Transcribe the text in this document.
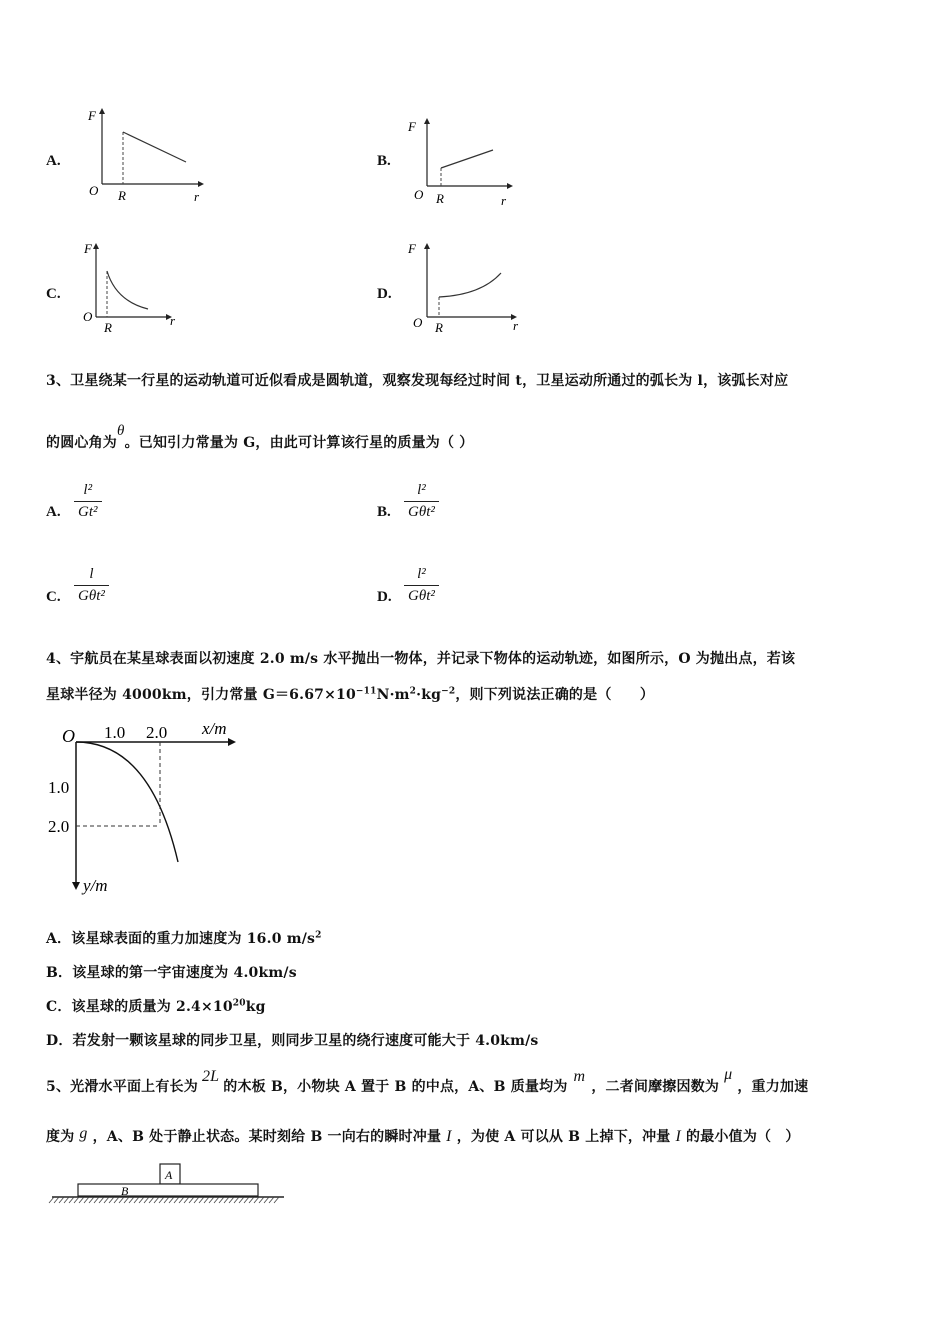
A.
F
O R	r
B.
F
O R	r
C.
F
O
R	r
D.
F
O R	r
3、卫星绕某一行星的运动轨道可近似看成是圆轨道，观察发现每经过时间 t，卫星运动所通过的弧长为 l，该弧长对应
的圆心角为θ。已知引力常量为 G，由此可计算该行星的质量为（ ）
A. $\frac{\text{l²}}{\text{Gt²}}$	B.
l²
Gθt²
C.
l
Gθt²	D.
l²
Gθt²
4、宇航员在某星球表面以初速度 2.0 m/s 水平抛出一物体，并记录下物体的运动轨迹，如图所示，O 为抛出点，若该
星球半径为 4000km，引力常量 $G=6.67\times 10^{-11}N\cdot m^2\cdot kg^{-2}$，则下列说法正确的是（　　）
O 1.0 2.0 x/m
1.0
2.0
y/m
A．该星球表面的重力加速度为 16.0 $m/s^2$
B．该星球的第一宇宙速度为 4.0km/s
C．该星球的质量为 $2.4\times 10^{20}kg$
D．若发射一颗该星球的同步卫星，则同步卫星的绕行速度可能大于 4.0km/s
5、光滑水平面上有长为2L的木板 B，小物块 A 置于 B 的中点，A、B 质量均为m，二者间摩擦因数为μ，重力加速
度为 g ，A、B 处于静止状态。某时刻给 B 一向右的瞬时冲量 I ，为使 A 可以从 B 上掉下，冲量 I 的最小值为（　）
A
B
